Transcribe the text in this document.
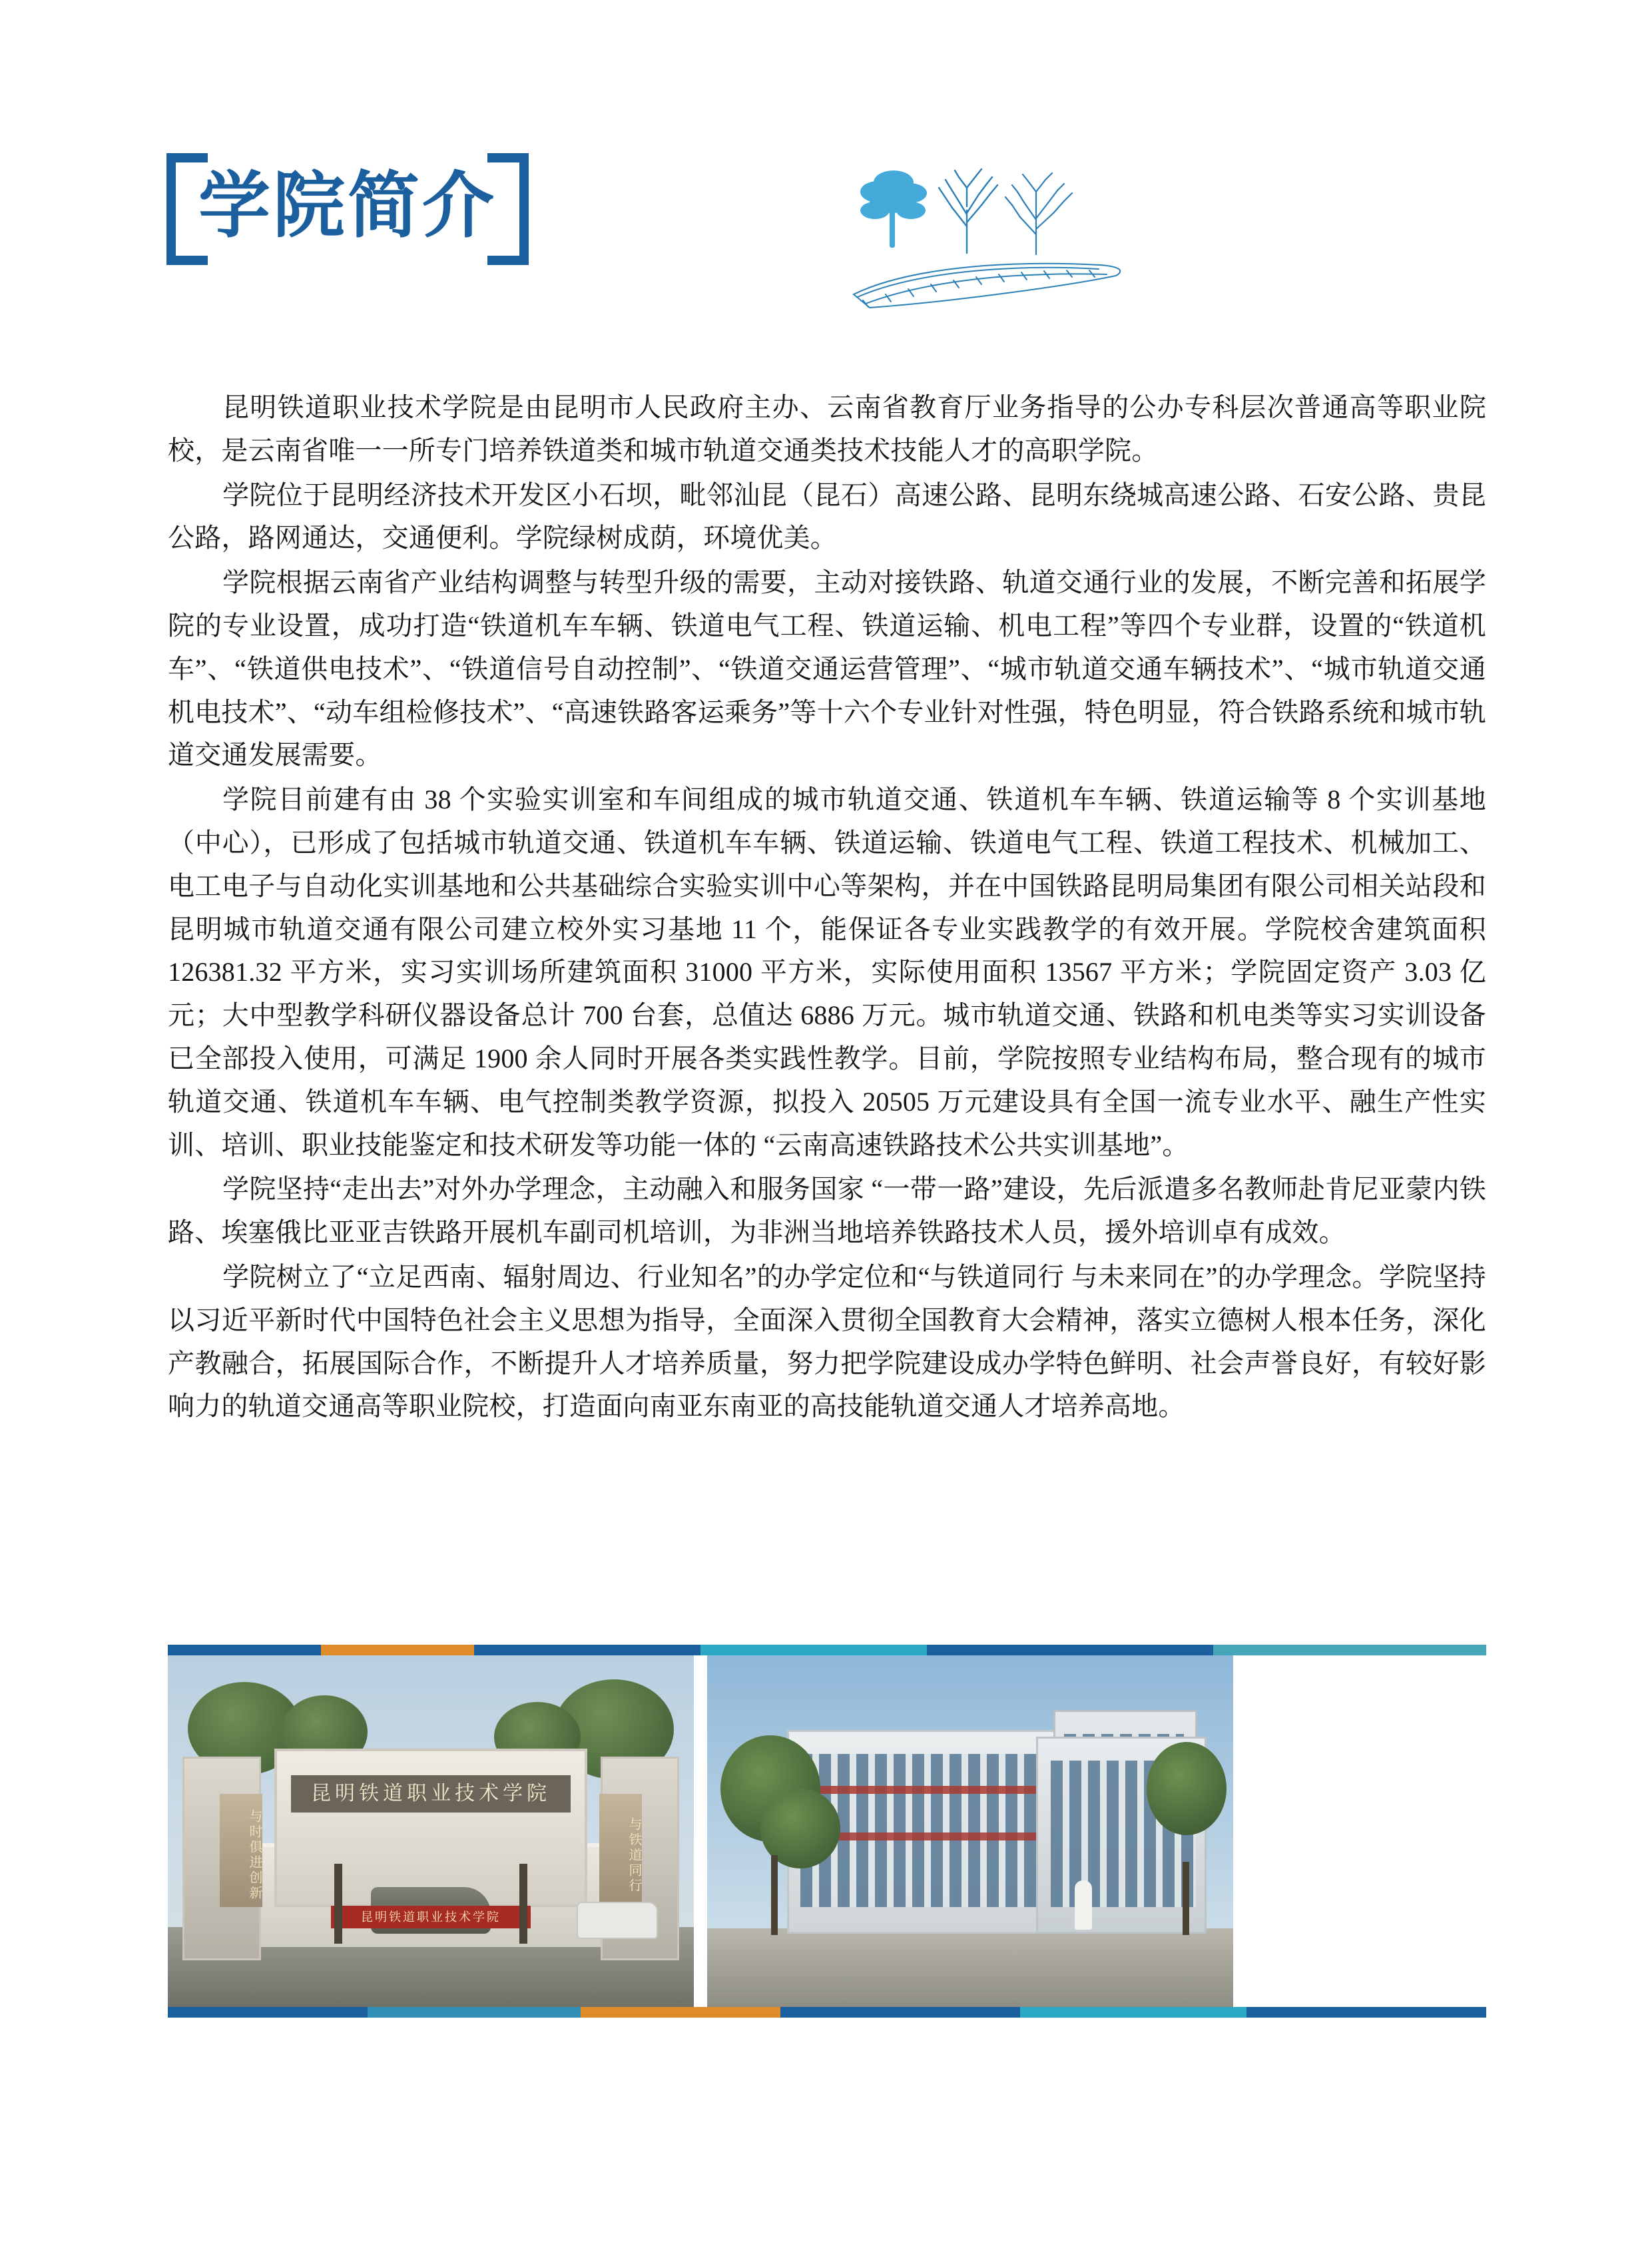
学院简介

昆明铁道职业技术学院是由昆明市人民政府主办、云南省教育厅业务指导的公办专科层次普通高等职业院校，是云南省唯一一所专门培养铁道类和城市轨道交通类技术技能人才的高职学院。

学院位于昆明经济技术开发区小石坝，毗邻汕昆（昆石）高速公路、昆明东绕城高速公路、石安公路、贵昆公路，路网通达，交通便利。学院绿树成荫，环境优美。

学院根据云南省产业结构调整与转型升级的需要，主动对接铁路、轨道交通行业的发展，不断完善和拓展学院的专业设置，成功打造“铁道机车车辆、铁道电气工程、铁道运输、机电工程”等四个专业群，设置的“铁道机车”、“铁道供电技术”、“铁道信号自动控制”、“铁道交通运营管理”、“城市轨道交通车辆技术”、“城市轨道交通机电技术”、“动车组检修技术”、“高速铁路客运乘务”等十六个专业针对性强，特色明显，符合铁路系统和城市轨道交通发展需要。

学院目前建有由 38 个实验实训室和车间组成的城市轨道交通、铁道机车车辆、铁道运输等 8 个实训基地（中心），已形成了包括城市轨道交通、铁道机车车辆、铁道运输、铁道电气工程、铁道工程技术、机械加工、电工电子与自动化实训基地和公共基础综合实验实训中心等架构，并在中国铁路昆明局集团有限公司相关站段和昆明城市轨道交通有限公司建立校外实习基地 11 个，能保证各专业实践教学的有效开展。学院校舍建筑面积 126381.32 平方米，实习实训场所建筑面积 31000 平方米，实际使用面积 13567 平方米；学院固定资产 3.03 亿元；大中型教学科研仪器设备总计 700 台套，总值达 6886 万元。城市轨道交通、铁路和机电类等实习实训设备已全部投入使用，可满足 1900 余人同时开展各类实践性教学。目前，学院按照专业结构布局，整合现有的城市轨道交通、铁道机车车辆、电气控制类教学资源，拟投入 20505 万元建设具有全国一流专业水平、融生产性实训、培训、职业技能鉴定和技术研发等功能一体的 “云南高速铁路技术公共实训基地”。

学院坚持“走出去”对外办学理念，主动融入和服务国家 “一带一路”建设，先后派遣多名教师赴肯尼亚蒙内铁路、埃塞俄比亚亚吉铁路开展机车副司机培训，为非洲当地培养铁路技术人员，援外培训卓有成效。

学院树立了“立足西南、辐射周边、行业知名”的办学定位和“与铁道同行 与未来同在”的办学理念。学院坚持以习近平新时代中国特色社会主义思想为指导，全面深入贯彻全国教育大会精神，落实立德树人根本任务，深化产教融合，拓展国际合作，不断提升人才培养质量，努力把学院建设成办学特色鲜明、社会声誉良好，有较好影响力的轨道交通高等职业院校，打造面向南亚东南亚的高技能轨道交通人才培养高地。

昆明铁道职业技术学院
与时俱进创新	与铁道同行
昆明铁道职业技术学院
